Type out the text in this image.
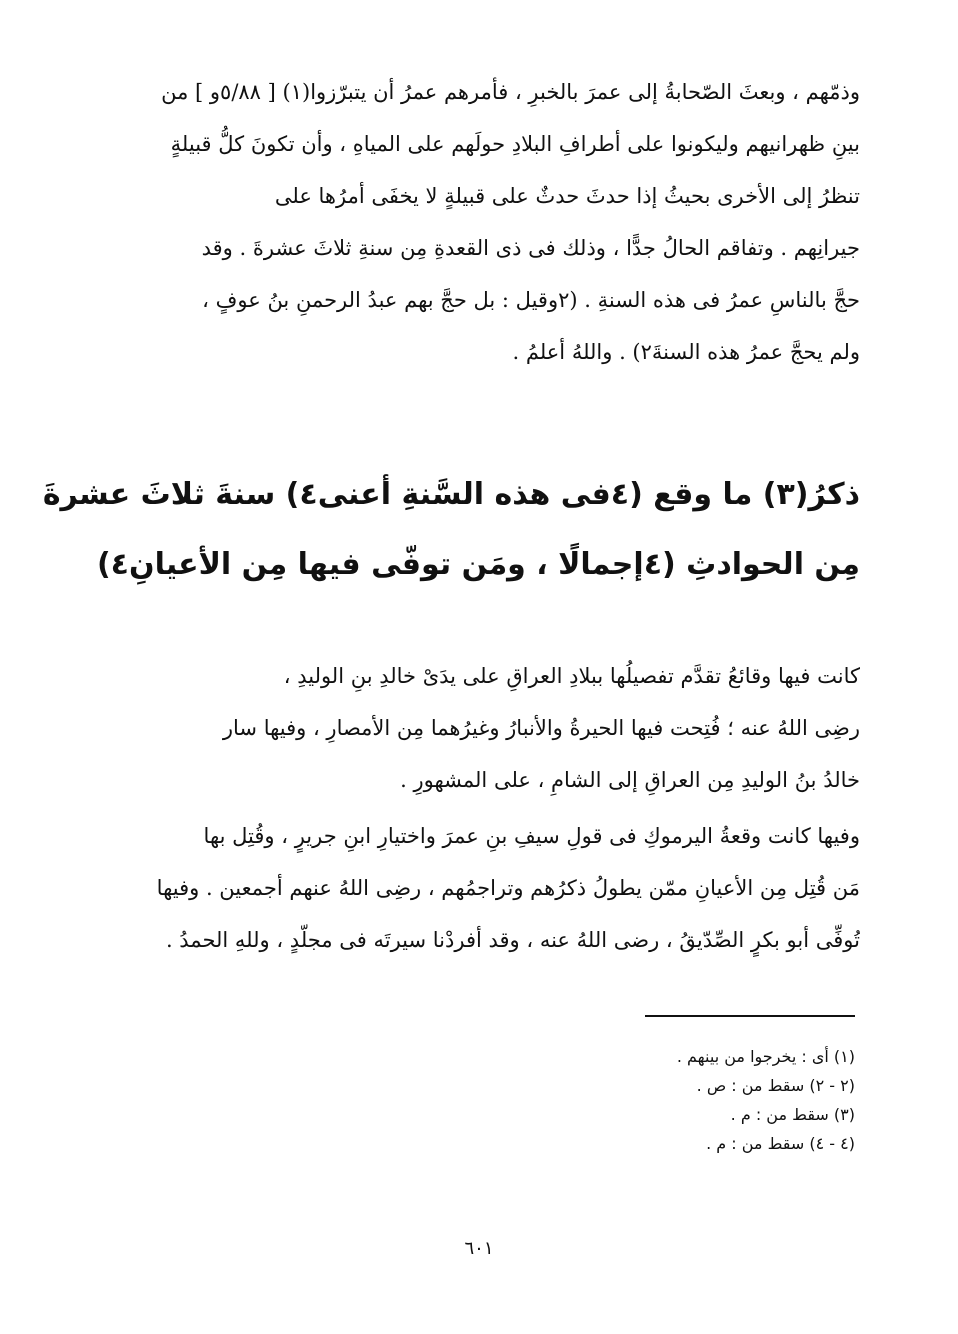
وذمّهم ، وبعثَ الصّحابةُ إلى عمرَ بالخبرِ ، فأمرهم عمرُ أن يتبرّزوا(١) [ ٥/٨٨و ] من
بينِ ظهرانيهم وليكونوا على أطرافِ البلادِ حولَهم على المياهِ ، وأن تكونَ كلُّ قبيلةٍ
تنظرُ إلى الأخرى بحيثُ إذا حدثَ حدثٌ على قبيلةٍ لا يخفَى أمرُها على
جيرانِهم . وتفاقم الحالُ جدًّا ، وذلك فى ذى القعدةِ مِن سنةِ ثلاثَ عشرةَ . وقد
حجَّ بالناسِ عمرُ فى هذه السنةِ . (٢وقيل : بل حجَّ بهم عبدُ الرحمنِ بنُ عوفٍ ،
ولم يحجَّ عمرُ هذه السنةَ٢) . واللهُ أعلمُ .
ذكرُ(٣) ما وقع (٤فى هذه السَّنةِ أعنى٤) سنةَ ثلاثَ عشرةَ
مِن الحوادثِ (٤إجمالًا ، ومَن توفّى فيها مِن الأعيانِ٤)
كانت فيها وقائعُ تقدَّم تفصيلُها ببلادِ العراقِ على يدَىْ خالدِ بنِ الوليدِ ،
رضِى اللهُ عنه ؛ فُتِحت فيها الحيرةُ والأنبارُ وغيرُهما مِن الأمصارِ ، وفيها سار
خالدُ بنُ الوليدِ مِن العراقِ إلى الشامِ ، على المشهورِ .
وفيها كانت وقعةُ اليرموكِ فى قولِ سيفِ بنِ عمرَ واختيارِ ابنِ جريرٍ ، وقُتِل بها
مَن قُتِل مِن الأعيانِ ممّن يطولُ ذكرُهم وتراجمُهم ، رضِى اللهُ عنهم أجمعين . وفيها
تُوفِّى أبو بكرٍ الصِّدّيقُ ، رضى اللهُ عنه ، وقد أفردْنا سيرتَه فى مجلّدٍ ، وللهِ الحمدُ .
(١) أى : يخرجوا من بينهم .
(٢ - ٢) سقط من : ص .
(٣) سقط من : م .
(٤ - ٤) سقط من : م .
٦٠١
